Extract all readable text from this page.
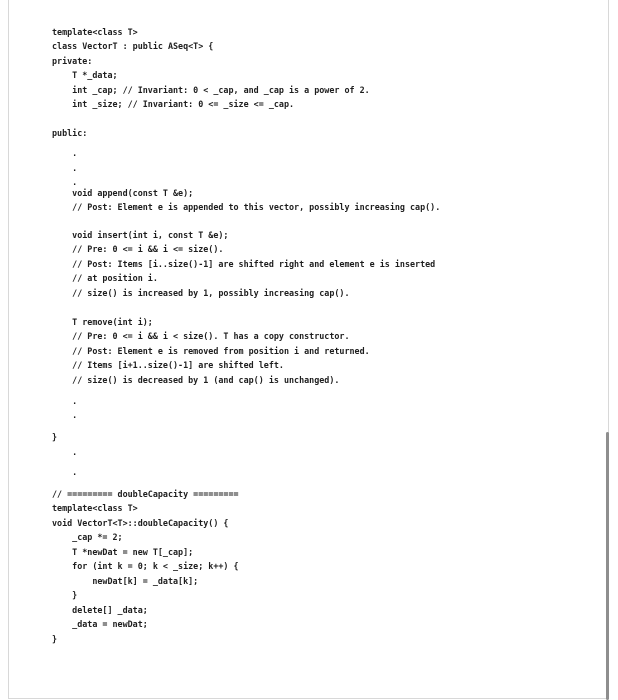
template<class T>
class VectorT : public ASeq<T> {
private:
T *_data;
int _cap; // Invariant: 0 < _cap, and _cap is a power of 2.
int _size; // Invariant: 0 <= _size <= _cap.
public:
.
.
.
void append(const T &e);
// Post: Element e is appended to this vector, possibly increasing cap().
void insert(int i, const T &e);
// Pre: 0 <= i && i <= size().
// Post: Items [i..size()-1] are shifted right and element e is inserted
// at position i.
// size() is increased by 1, possibly increasing cap().
T remove(int i);
// Pre: 0 <= i && i < size(). T has a copy constructor.
// Post: Element e is removed from position i and returned.
// Items [i+1..size()-1] are shifted left.
// size() is decreased by 1 (and cap() is unchanged).
.
.
}
.
.
// ========= doubleCapacity =========
template<class T>
void VectorT<T>::doubleCapacity() {
_cap *= 2;
T *newDat = new T[_cap];
for (int k = 0; k < _size; k++) {
newDat[k] = _data[k];
}
delete[] _data;
_data = newDat;
}
